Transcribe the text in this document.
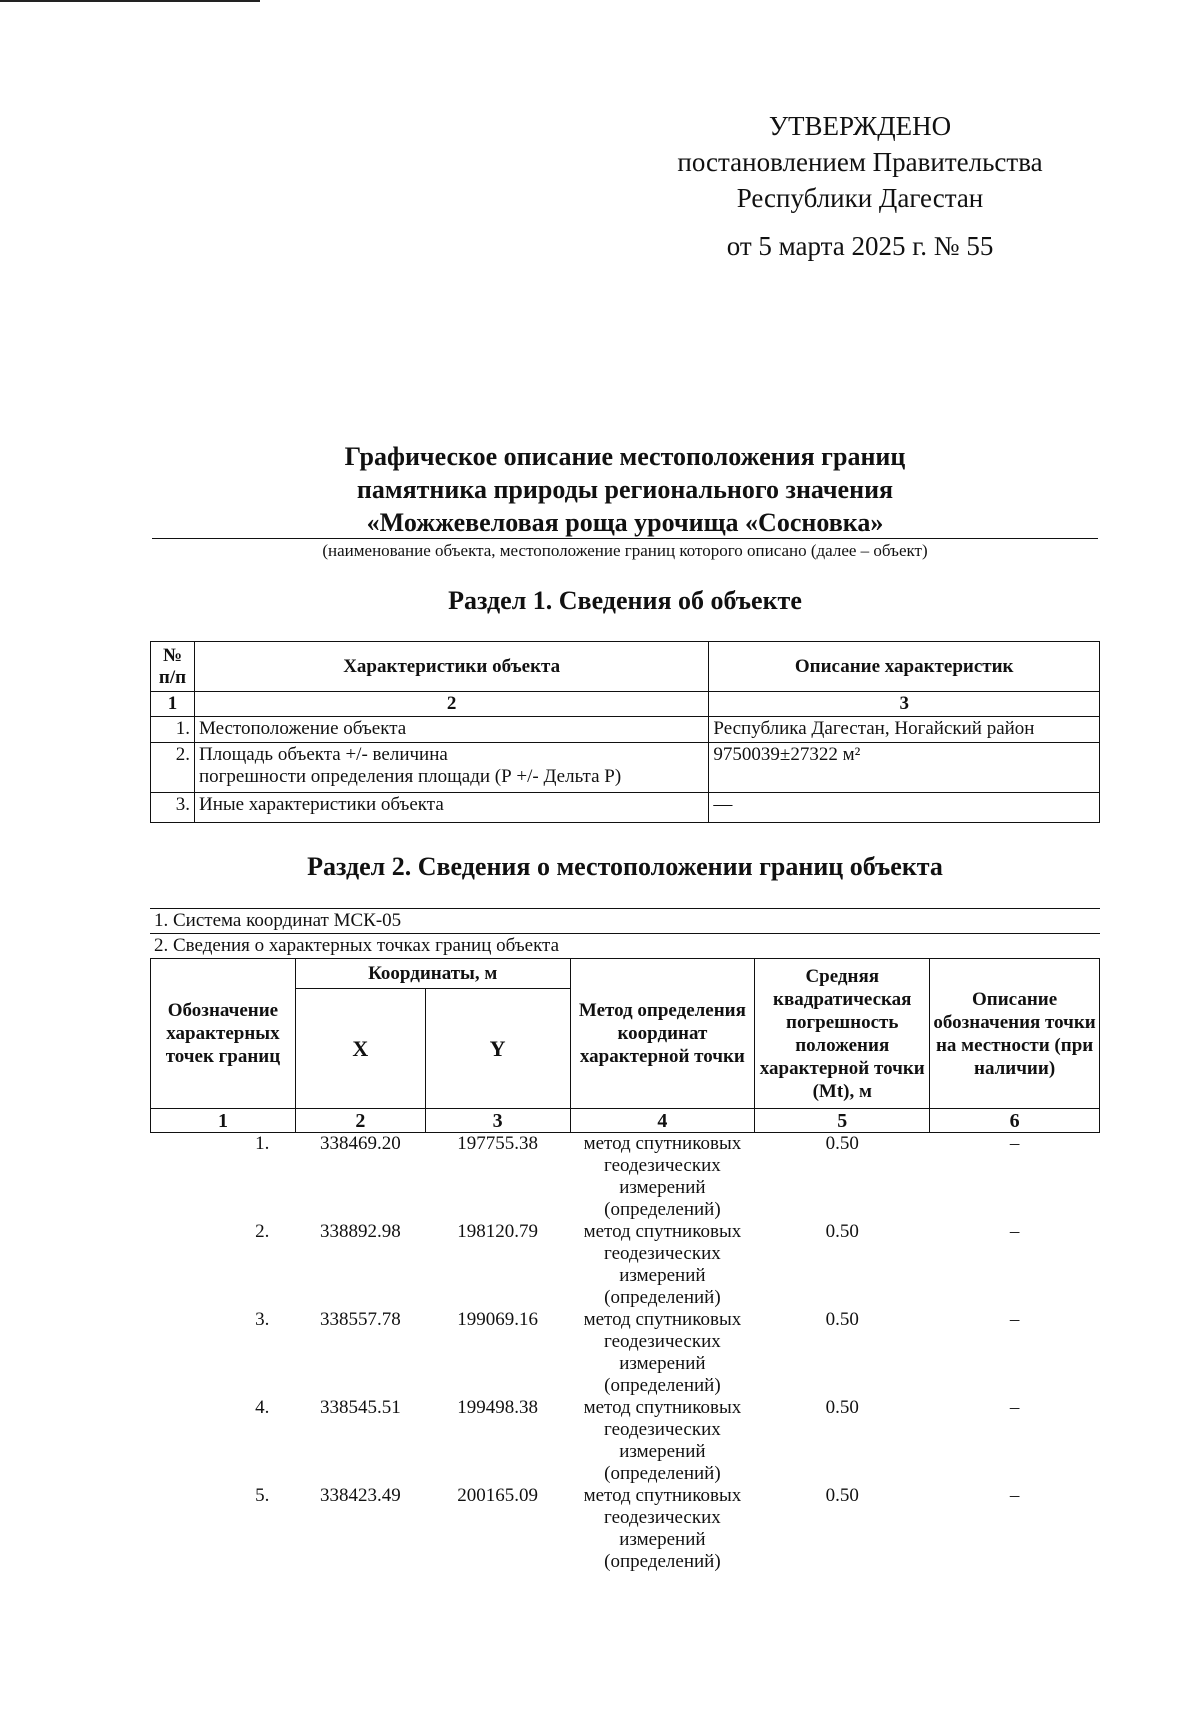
УТВЕРЖДЕНО
постановлением Правительства
Республики Дагестан
от 5 марта 2025 г. № 55
Графическое описание местоположения границ
памятника природы регионального значения
«Можжевеловая роща урочища «Сосновка»
(наименование объекта, местоположение границ которого описано (далее – объект)
Раздел 1. Сведения об объекте
№ п/п	Характеристики объекта	Описание характеристик
1	2	3
1.	Местоположение объекта	Республика Дагестан, Ногайский район
2.	Площадь объекта +/- величина
погрешности определения площади (Р +/- Дельта Р)	9750039±27322 м²
3.	Иные характеристики объекта	—
Раздел 2. Сведения о местоположении границ объекта
1. Система координат МСК-05
2. Сведения о характерных точках границ объекта
Обозначение характерных точек границ	Координаты, м		Метод определения координат характерной точки	Средняя квадратическая погрешность положения характерной точки (Mt), м	Описание обозначения точки на местности (при наличии)
	X	Y			
1	2	3	4	5	6
1.	338469.20	197755.38	метод спутниковых геодезических измерений (определений)	0.50	–
2.	338892.98	198120.79	метод спутниковых геодезических измерений (определений)	0.50	–
3.	338557.78	199069.16	метод спутниковых геодезических измерений (определений)	0.50	–
4.	338545.51	199498.38	метод спутниковых геодезических измерений (определений)	0.50	–
5.	338423.49	200165.09	метод спутниковых геодезических измерений (определений)	0.50	–
